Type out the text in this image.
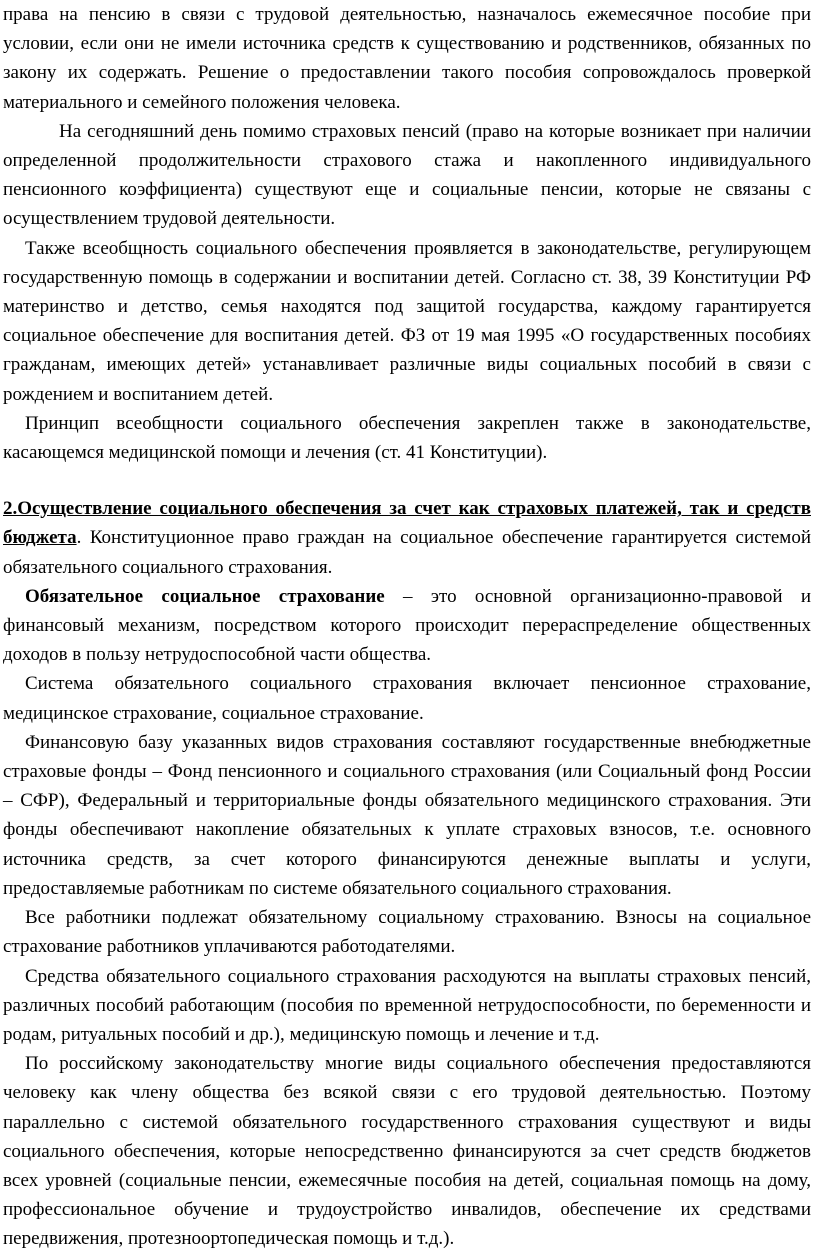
права на пенсию в связи с трудовой деятельностью, назначалось ежемесячное пособие при условии, если они не имели источника средств к существованию и родственников, обязанных по закону их содержать. Решение о предоставлении такого пособия сопровождалось проверкой материального и семейного положения человека.

На сегодняшний день помимо страховых пенсий (право на которые возникает при наличии определенной продолжительности страхового стажа и накопленного индивидуального пенсионного коэффициента) существуют еще и социальные пенсии, которые не связаны с осуществлением трудовой деятельности.

Также всеобщность социального обеспечения проявляется в законодательстве, регулирующем государственную помощь в содержании и воспитании детей. Согласно ст. 38, 39 Конституции РФ материнство и детство, семья находятся под защитой государства, каждому гарантируется социальное обеспечение для воспитания детей. ФЗ от 19 мая 1995 «О государственных пособиях гражданам, имеющих детей» устанавливает различные виды социальных пособий в связи с рождением и воспитанием детей.

Принцип всеобщности социального обеспечения закреплен также в законодательстве, касающемся медицинской помощи и лечения (ст. 41 Конституции).

2.Осуществление социального обеспечения за счет как страховых платежей, так и средств бюджета. Конституционное право граждан на социальное обеспечение гарантируется системой обязательного социального страхования.

Обязательное социальное страхование – это основной организационно-правовой и финансовый механизм, посредством которого происходит перераспределение общественных доходов в пользу нетрудоспособной части общества.

Система обязательного социального страхования включает пенсионное страхование, медицинское страхование, социальное страхование.

Финансовую базу указанных видов страхования составляют государственные внебюджетные страховые фонды – Фонд пенсионного и социального страхования (или Социальный фонд России – СФР), Федеральный и территориальные фонды обязательного медицинского страхования. Эти фонды обеспечивают накопление обязательных к уплате страховых взносов, т.е. основного источника средств, за счет которого финансируются денежные выплаты и услуги, предоставляемые работникам по системе обязательного социального страхования.

Все работники подлежат обязательному социальному страхованию. Взносы на социальное страхование работников уплачиваются работодателями.

Средства обязательного социального страхования расходуются на выплаты страховых пенсий, различных пособий работающим (пособия по временной нетрудоспособности, по беременности и родам, ритуальных пособий и др.), медицинскую помощь и лечение и т.д.

По российскому законодательству многие виды социального обеспечения предоставляются человеку как члену общества без всякой связи с его трудовой деятельностью. Поэтому параллельно с системой обязательного государственного страхования существуют и виды социального обеспечения, которые непосредственно финансируются за счет средств бюджетов всех уровней (социальные пенсии, ежемесячные пособия на детей, социальная помощь на дому, профессиональное обучение и трудоустройство инвалидов, обеспечение их средствами передвижения, протезноортопедическая помощь и т.д.).
